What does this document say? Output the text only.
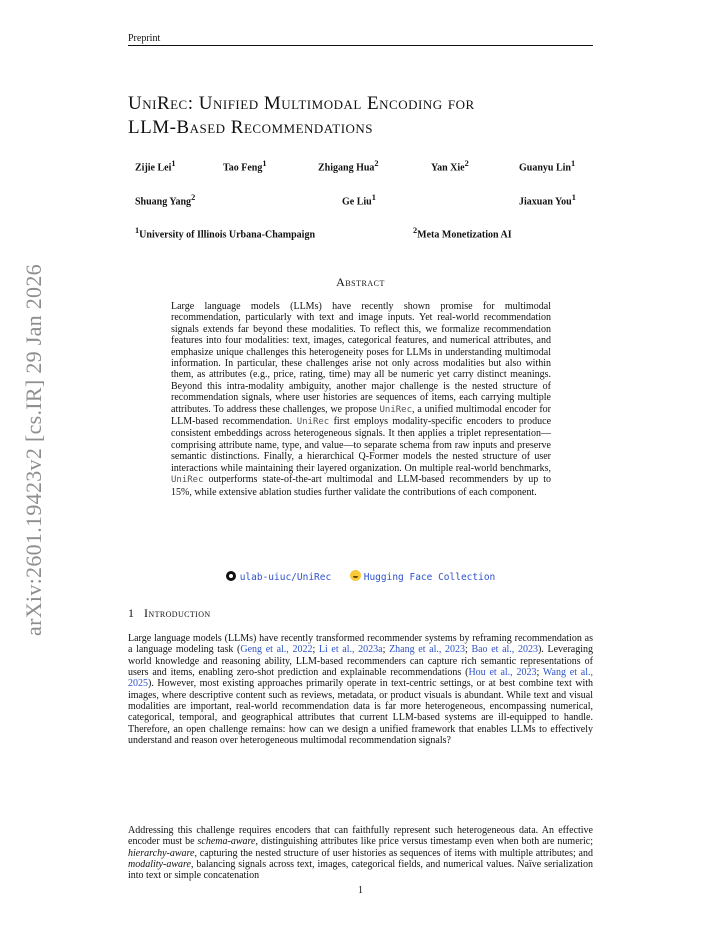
Preprint
arXiv:2601.19423v2 [cs.IR] 29 Jan 2026
UniRec: Unified Multimodal Encoding for
LLM-Based Recommendations
Zijie Lei$^1$	Tao Feng$^1$	Zhigang Hua$^2$	Yan Xie$^2$	Guanyu Lin$^1$
Shuang Yang$^2$	Ge Liu$^1$	Jiaxuan You$^1$
$^1$University of Illinois Urbana-Champaign	$^2$Meta Monetization AI
Abstract

Large language models (LLMs) have recently shown promise for multimodal recommendation, particularly with text and image inputs. Yet real-world recommendation signals extends far beyond these modalities. To reflect this, we formalize recommendation features into four modalities: text, images, categorical features, and numerical attributes, and emphasize unique challenges this heterogeneity poses for LLMs in understanding multimodal information. In particular, these challenges arise not only across modalities but also within them, as attributes (e.g., price, rating, time) may all be numeric yet carry distinct meanings. Beyond this intra-modality ambiguity, another major challenge is the nested structure of recommendation signals, where user histories are sequences of items, each carrying multiple attributes. To address these challenges, we propose UniRec, a unified multimodal encoder for LLM-based recommendation. UniRec first employs modality-specific encoders to produce consistent embeddings across heterogeneous signals. It then applies a triplet representation—comprising attribute name, type, and value—to separate schema from raw inputs and preserve semantic distinctions. Finally, a hierarchical Q-Former models the nested structure of user interactions while maintaining their layered organization. On multiple real-world benchmarks, UniRec outperforms state-of-the-art multimodal and LLM-based recommenders by up to 15%, while extensive ablation studies further validate the contributions of each component.

ulab-uiuc/UniRec	Hugging Face Collection
1 Introduction

Large language models (LLMs) have recently transformed recommender systems by reframing recommendation as a language modeling task (Geng et al., 2022; Li et al., 2023a; Zhang et al., 2023; Bao et al., 2023). Leveraging world knowledge and reasoning ability, LLM-based recommenders can capture rich semantic representations of users and items, enabling zero-shot prediction and explainable recommendations (Hou et al., 2023; Wang et al., 2025). However, most existing approaches primarily operate in text-centric settings, or at best combine text with images, where descriptive content such as reviews, metadata, or product visuals is abundant. While text and visual modalities are important, real-world recommendation data is far more heterogeneous, encompassing numerical, categorical, temporal, and geographical attributes that current LLM-based systems are ill-equipped to handle. Therefore, an open challenge remains: how can we design a unified framework that enables LLMs to effectively understand and reason over heterogeneous multimodal recommendation signals?

Addressing this challenge requires encoders that can faithfully represent such heterogeneous data. An effective encoder must be schema-aware, distinguishing attributes like price versus timestamp even when both are numeric; hierarchy-aware, capturing the nested structure of user histories as sequences of items with multiple attributes; and modality-aware, balancing signals across text, images, categorical fields, and numerical values. Naïve serialization into text or simple concatenation

1
